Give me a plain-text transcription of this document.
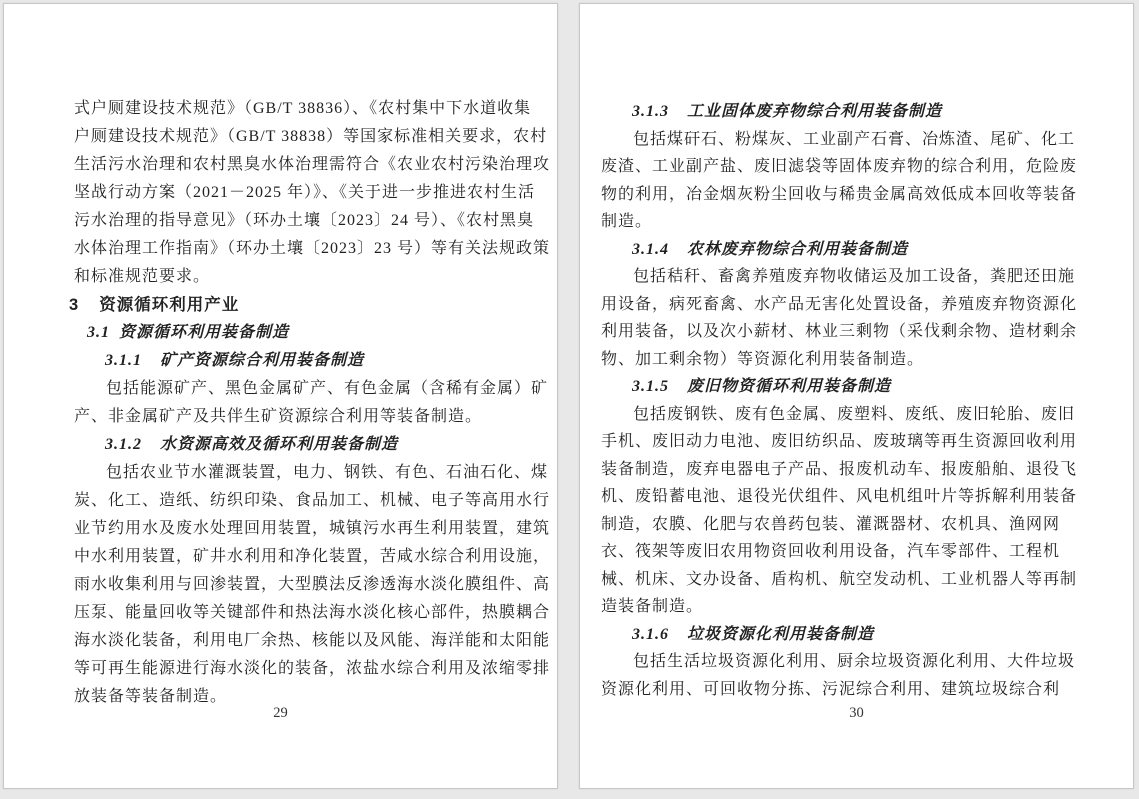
式户厕建设技术规范》（GB/T 38836）、《农村集中下水道收集
户厕建设技术规范》（GB/T 38838）等国家标准相关要求，农村
生活污水治理和农村黑臭水体治理需符合《农业农村污染治理攻
坚战行动方案（2021－2025 年）》、《关于进一步推进农村生活
污水治理的指导意见》（环办土壤〔2023〕24 号）、《农村黑臭
水体治理工作指南》（环办土壤〔2023〕23 号）等有关法规政策
和标准规范要求。
3 资源循环利用产业
3.1 资源循环利用装备制造
3.1.1 矿产资源综合利用装备制造
包括能源矿产、黑色金属矿产、有色金属（含稀有金属）矿
产、非金属矿产及共伴生矿资源综合利用等装备制造。
3.1.2 水资源高效及循环利用装备制造
包括农业节水灌溉装置，电力、钢铁、有色、石油石化、煤
炭、化工、造纸、纺织印染、食品加工、机械、电子等高用水行
业节约用水及废水处理回用装置，城镇污水再生利用装置，建筑
中水利用装置，矿井水利用和净化装置，苦咸水综合利用设施，
雨水收集利用与回渗装置，大型膜法反渗透海水淡化膜组件、高
压泵、能量回收等关键部件和热法海水淡化核心部件，热膜耦合
海水淡化装备，利用电厂余热、核能以及风能、海洋能和太阳能
等可再生能源进行海水淡化的装备，浓盐水综合利用及浓缩零排
放装备等装备制造。
29
3.1.3 工业固体废弃物综合利用装备制造
包括煤矸石、粉煤灰、工业副产石膏、冶炼渣、尾矿、化工
废渣、工业副产盐、废旧滤袋等固体废弃物的综合利用，危险废
物的利用，冶金烟灰粉尘回收与稀贵金属高效低成本回收等装备
制造。
3.1.4 农林废弃物综合利用装备制造
包括秸秆、畜禽养殖废弃物收储运及加工设备，粪肥还田施
用设备，病死畜禽、水产品无害化处置设备，养殖废弃物资源化
利用装备，以及次小薪材、林业三剩物（采伐剩余物、造材剩余
物、加工剩余物）等资源化利用装备制造。
3.1.5 废旧物资循环利用装备制造
包括废钢铁、废有色金属、废塑料、废纸、废旧轮胎、废旧
手机、废旧动力电池、废旧纺织品、废玻璃等再生资源回收利用
装备制造，废弃电器电子产品、报废机动车、报废船舶、退役飞
机、废铅蓄电池、退役光伏组件、风电机组叶片等拆解利用装备
制造，农膜、化肥与农兽药包装、灌溉器材、农机具、渔网网
衣、筏架等废旧农用物资回收利用设备，汽车零部件、工程机
械、机床、文办设备、盾构机、航空发动机、工业机器人等再制
造装备制造。
3.1.6 垃圾资源化利用装备制造
包括生活垃圾资源化利用、厨余垃圾资源化利用、大件垃圾
资源化利用、可回收物分拣、污泥综合利用、建筑垃圾综合利
30
